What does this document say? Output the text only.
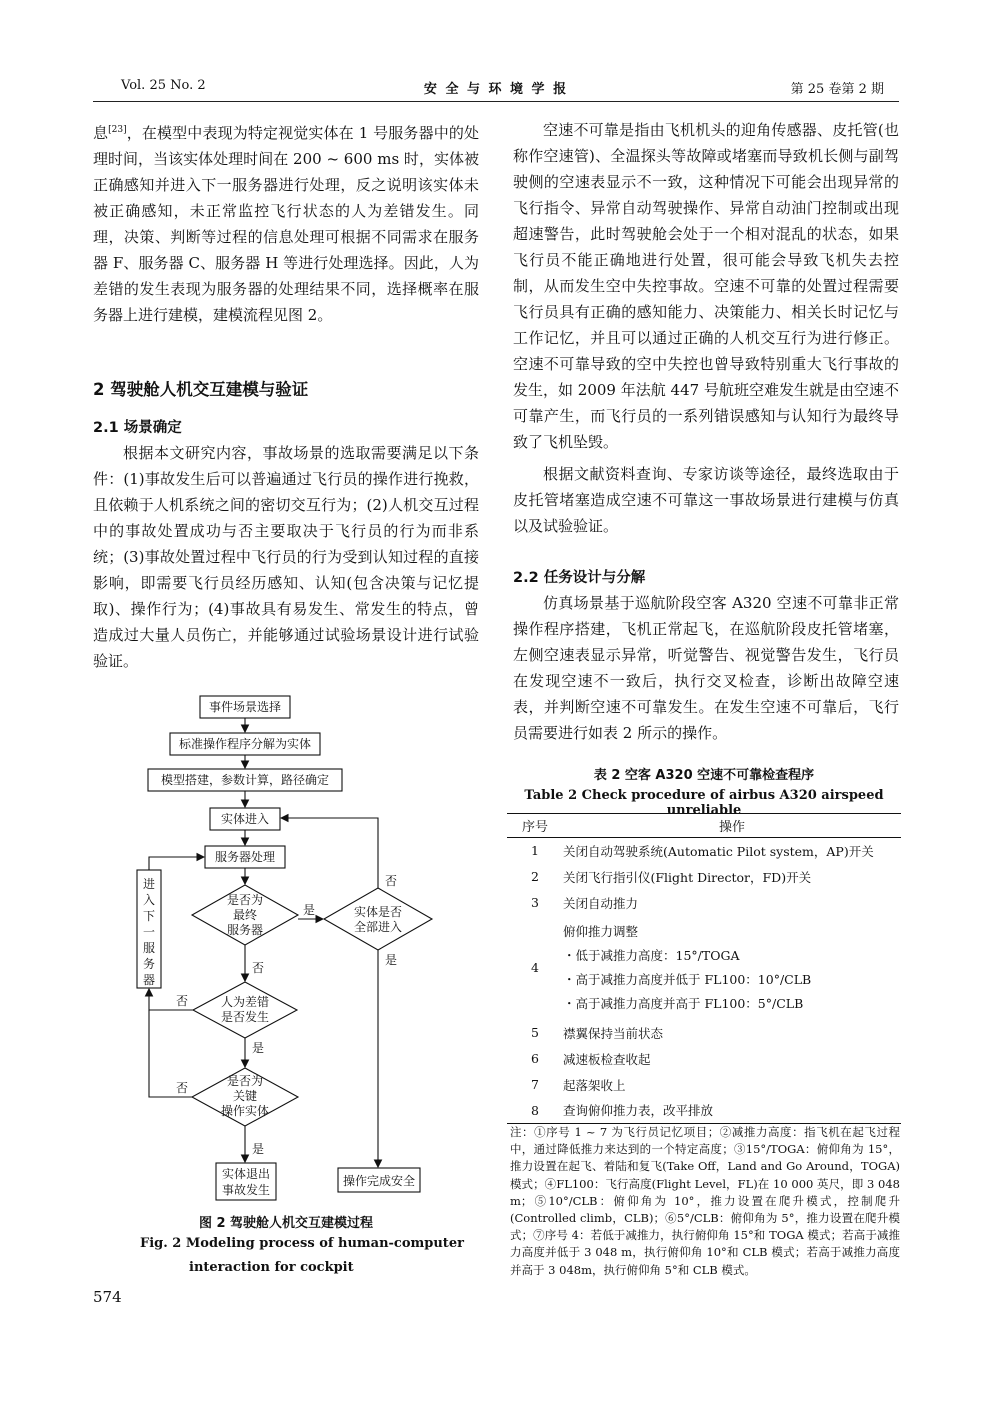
Vol. 25 No. 2	安 全 与 环 境 学 报	第 25 卷第 2 期

息[23]，在模型中表现为特定视觉实体在 1 号服务器中的处理时间，当该实体处理时间在 200 ~ 600 ms 时，实体被正确感知并进入下一服务器进行处理，反之说明该实体未被正确感知，未正常监控飞行状态的人为差错发生。同理，决策、判断等过程的信息处理可根据不同需求在服务器 F、服务器 C、服务器 H 等进行处理选择。因此，人为差错的发生表现为服务器的处理结果不同，选择概率在服务器上进行建模，建模流程见图 2。

2 驾驶舱人机交互建模与验证
2.1 场景确定

根据本文研究内容，事故场景的选取需要满足以下条件：(1)事故发生后可以普遍通过飞行员的操作进行挽救，且依赖于人机系统之间的密切交互行为；(2)人机交互过程中的事故处置成功与否主要取决于飞行员的行为而非系统；(3)事故处置过程中飞行员的行为受到认知过程的直接影响，即需要飞行员经历感知、认知(包含决策与记忆提取)、操作行为；(4)事故具有易发生、常发生的特点，曾造成过大量人员伤亡，并能够通过试验场景设计进行试验验证。

事件场景选择
标准操作程序分解为实体
模型搭建，参数计算，路径确定
实体进入
服务器处理
是否为
最终
服务器
实体是否
全部进入
人为差错
是否发生
是否为
关键
操作实体
进
入
下
一
服
务
器
实体退出
事故发生
操作完成安全
是
否
是
否
否
是
否
是
图 2 驾驶舱人机交互建模过程
Fig. 2 Modeling process of human-computer
interaction for cockpit
574

空速不可靠是指由飞机机头的迎角传感器、皮托管(也称作空速管)、全温探头等故障或堵塞而导致机长侧与副驾驶侧的空速表显示不一致，这种情况下可能会出现异常的飞行指令、异常自动驾驶操作、异常自动油门控制或出现超速警告，此时驾驶舱会处于一个相对混乱的状态，如果飞行员不能正确地进行处置，很可能会导致飞机失去控制，从而发生空中失控事故。空速不可靠的处置过程需要飞行员具有正确的感知能力、决策能力、相关长时记忆与工作记忆，并且可以通过正确的人机交互行为进行修正。空速不可靠导致的空中失控也曾导致特别重大飞行事故的发生，如 2009 年法航 447 号航班空难发生就是由空速不可靠产生，而飞行员的一系列错误感知与认知行为最终导致了飞机坠毁。

根据文献资料查询、专家访谈等途径，最终选取由于皮托管堵塞造成空速不可靠这一事故场景进行建模与仿真以及试验验证。

2.2 任务设计与分解

仿真场景基于巡航阶段空客 A320 空速不可靠非正常操作程序搭建，飞机正常起飞，在巡航阶段皮托管堵塞，左侧空速表显示异常，听觉警告、视觉警告发生，飞行员在发现空速不一致后，执行交叉检查，诊断出故障空速表，并判断空速不可靠发生。在发生空速不可靠后，飞行员需要进行如表 2 所示的操作。

表 2 空客 A320 空速不可靠检查程序
Table 2 Check procedure of airbus A320 airspeed unreliable
序号	操作
1	关闭自动驾驶系统(Automatic Pilot system，AP)开关
2	关闭飞行指引仪(Flight Director，FD)开关
3	关闭自动推力
4	俯仰推力调整
・低于减推力高度：15°/TOGA
・高于减推力高度并低于 FL100：10°/CLB
・高于减推力高度并高于 FL100：5°/CLB

5	襟翼保持当前状态
6	减速板检查收起
7	起落架收上
8	查询俯仰推力表，改平排放
注：①序号 1 ~ 7 为飞行员记忆项目；②减推力高度：指飞机在起飞过程中，通过降低推力来达到的一个特定高度；③15°/TOGA：俯仰角为 15°，推力设置在起飞、着陆和复飞(Take Off，Land and Go Around，TOGA)模式；④FL100：飞行高度(Flight Level，FL)在 10 000 英尺，即 3 048 m；⑤10°/CLB：俯仰角为 10°，推力设置在爬升模式，控制爬升(Controlled climb，CLB)；⑥5°/CLB：俯仰角为 5°，推力设置在爬升模式；⑦序号 4：若低于减推力，执行俯仰角 15°和 TOGA 模式；若高于减推力高度并低于 3 048 m，执行俯仰角 10°和 CLB 模式；若高于减推力高度并高于 3 048m，执行俯仰角 5°和 CLB 模式。
